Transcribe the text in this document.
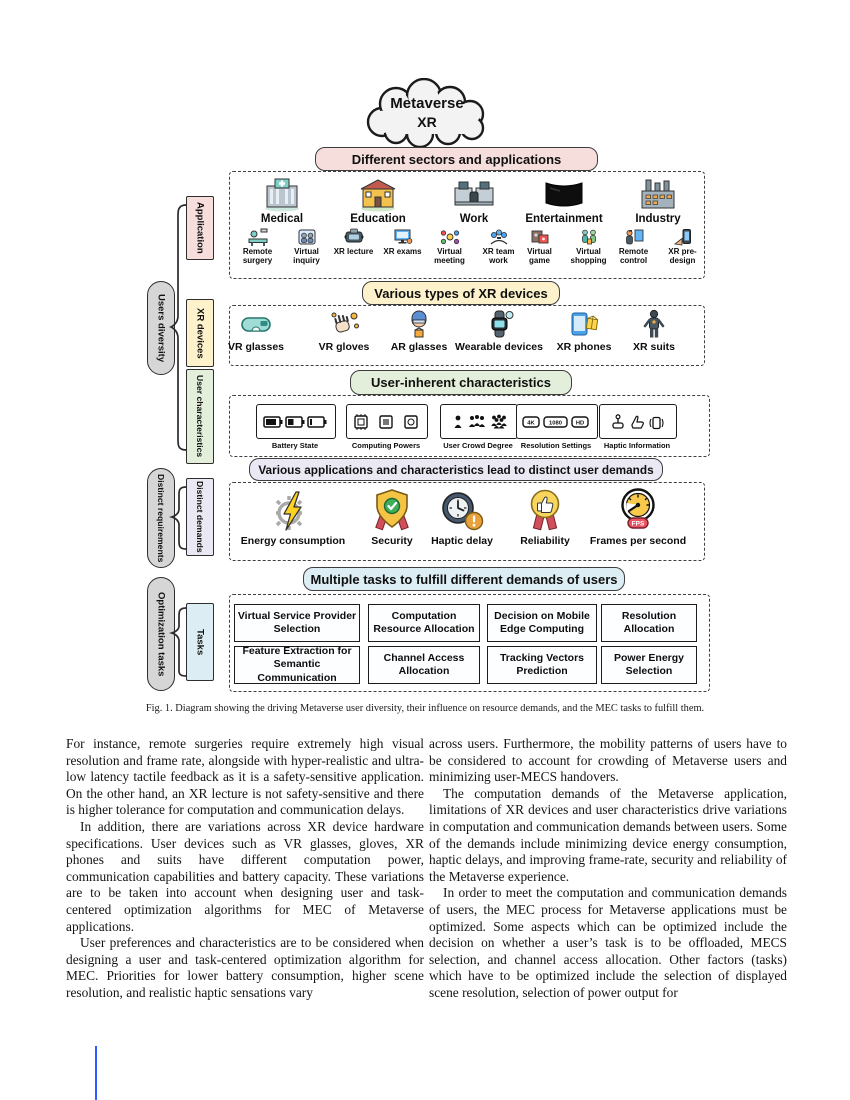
Metaverse
XR
Different sectors and applications
Various types of XR devices
User-inherent characteristics
Various applications and characteristics lead to distinct user demands
Multiple tasks to fulfill different demands of users
Application
XR devices
User characteristics
Distinct demands
Tasks
Users diversity
Distinct requirements
Optimization tasks
Medical
Remote surgery
Virtual inquiry
Education
XR lecture XR exams
Work
Virtual meeting
XR team work
Entertainment
Virtual game
Virtual shopping
Industry
Remote control
XR pre-design
VR glasses	VR gloves AR glasses Wearable devices XR phones XR suits
Battery State	Computing Powers	User Crowd Degree
4K 1080 HD
Resolution Settings	Haptic Information
Energy consumption Security Haptic delay	Reliability
FPS
Frames per second
Virtual Service Provider Selection
Computation Resource Allocation
Decision on Mobile Edge Computing
Resolution Allocation
Feature Extraction for Semantic Communication
Channel Access Allocation
Tracking Vectors Prediction
Power Energy Selection
Fig. 1. Diagram showing the driving Metaverse user diversity, their influence on resource demands, and the MEC tasks to fulfill them.

For instance, remote surgeries require extremely high visual resolution and frame rate, alongside with hyper-realistic and ultra-low latency tactile feedback as it is a safety-sensitive application. On the other hand, an XR lecture is not safety-sensitive and there is higher tolerance for computation and communication delays.

In addition, there are variations across XR device hardware specifications. User devices such as VR glasses, gloves, XR phones and suits have different computation power, communication capabilities and battery capacity. These variations are to be taken into account when designing user and task-centered optimization algorithms for MEC of Metaverse applications.

User preferences and characteristics are to be considered when designing a user and task-centered optimization algorithm for MEC. Priorities for lower battery consumption, higher scene resolution, and realistic haptic sensations vary

across users. Furthermore, the mobility patterns of users have to be considered to account for crowding of Metaverse users and minimizing user-MECS handovers.

The computation demands of the Metaverse application, limitations of XR devices and user characteristics drive variations in computation and communication demands between users. Some of the demands include minimizing device energy consumption, haptic delays, and improving frame-rate, security and reliability of the Metaverse experience.

In order to meet the computation and communication demands of users, the MEC process for Metaverse applications must be optimized. Some aspects which can be optimized include the decision on whether a user’s task is to be offloaded, MECS selection, and channel access allocation. Other factors (tasks) which have to be optimized include the selection of displayed scene resolution, selection of power output for
